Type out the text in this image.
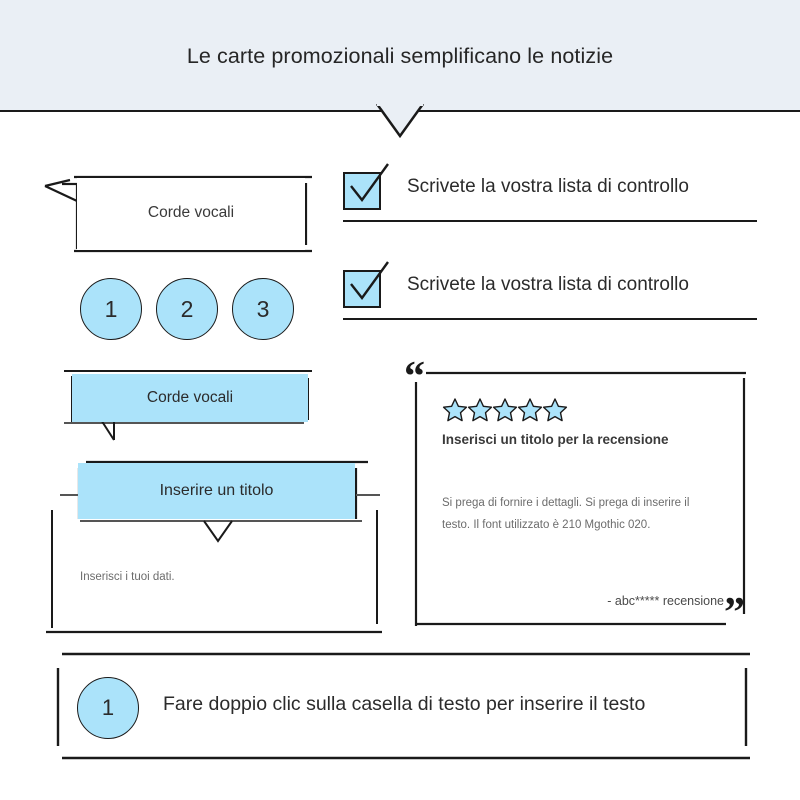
Le carte promozionali semplificano le notizie
Corde vocali
1	2	3
Corde vocali
Inserisci i tuoi dati.
Inserire un titolo
Scrivete la vostra lista di controllo
Scrivete la vostra lista di controllo
“
”
Inserisci un titolo per la recensione
Si prega di fornire i dettagli. Si prega di inserire il testo. Il font utilizzato è 210 Mgothic 020.
- abc***** recensione
1	Fare doppio clic sulla casella di testo per inserire il testo
